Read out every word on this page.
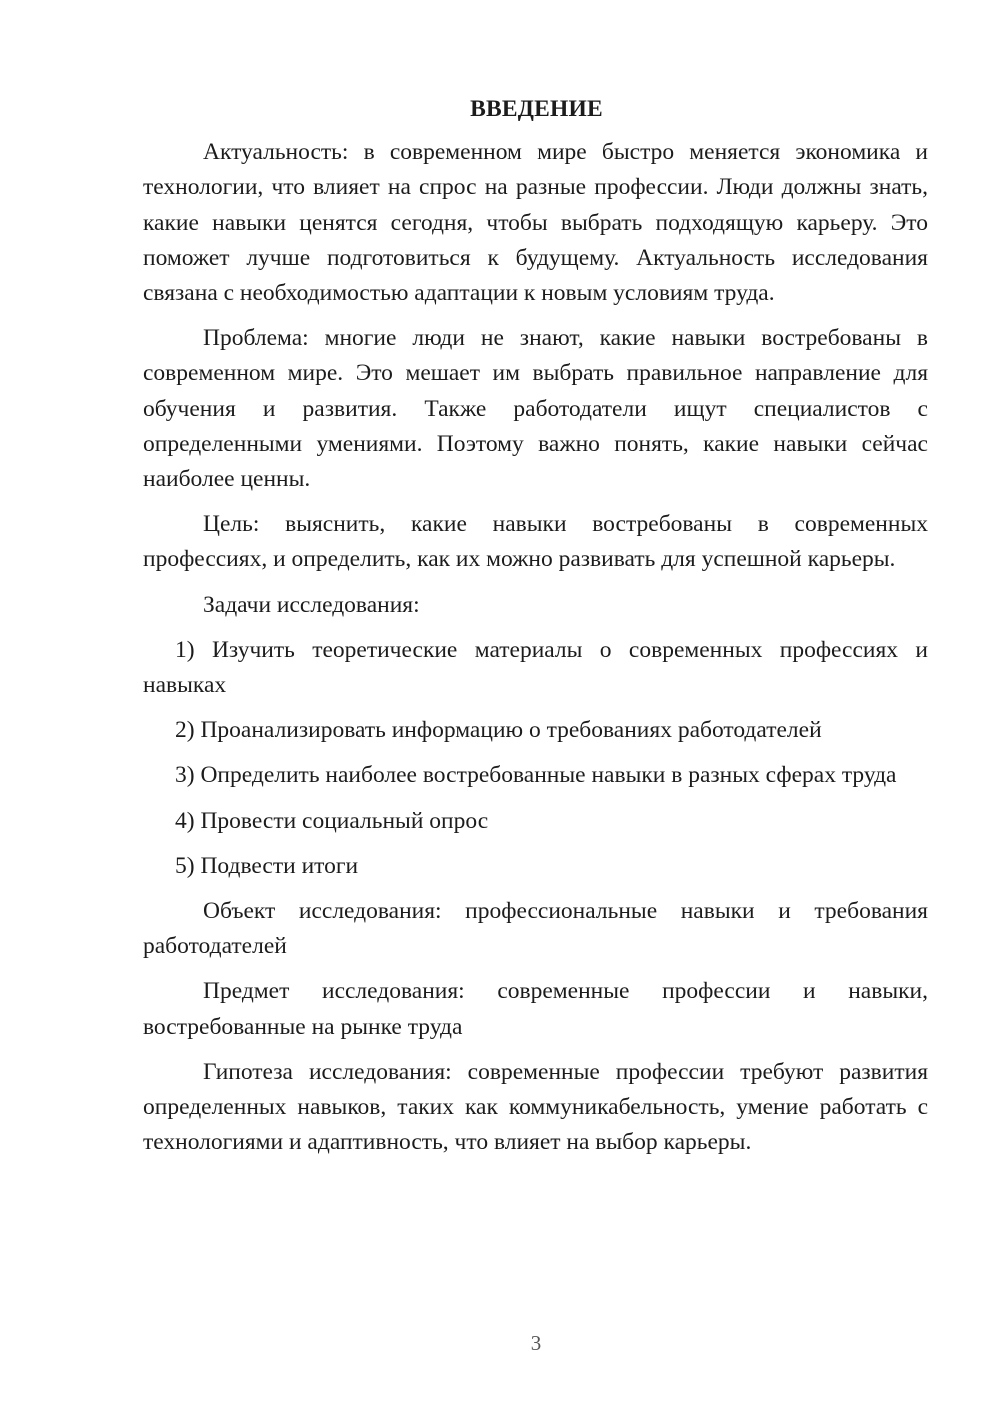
ВВЕДЕНИЕ
Актуальность: в современном мире быстро меняется экономика и технологии, что влияет на спрос на разные профессии. Люди должны знать, какие навыки ценятся сегодня, чтобы выбрать подходящую карьеру. Это поможет лучше подготовиться к будущему. Актуальность исследования связана с необходимостью адаптации к новым условиям труда.
Проблема: многие люди не знают, какие навыки востребованы в современном мире. Это мешает им выбрать правильное направление для обучения и развития. Также работодатели ищут специалистов с определенными умениями. Поэтому важно понять, какие навыки сейчас наиболее ценны.
Цель: выяснить, какие навыки востребованы в современных профессиях, и определить, как их можно развивать для успешной карьеры.
Задачи исследования:
1) Изучить теоретические материалы о современных профессиях и навыках
2) Проанализировать информацию о требованиях работодателей
3) Определить наиболее востребованные навыки в разных сферах труда
4) Провести социальный опрос
5) Подвести итоги
Объект исследования: профессиональные навыки и требования работодателей
Предмет исследования: современные профессии и навыки, востребованные на рынке труда
Гипотеза исследования: современные профессии требуют развития определенных навыков, таких как коммуникабельность, умение работать с технологиями и адаптивность, что влияет на выбор карьеры.
3
